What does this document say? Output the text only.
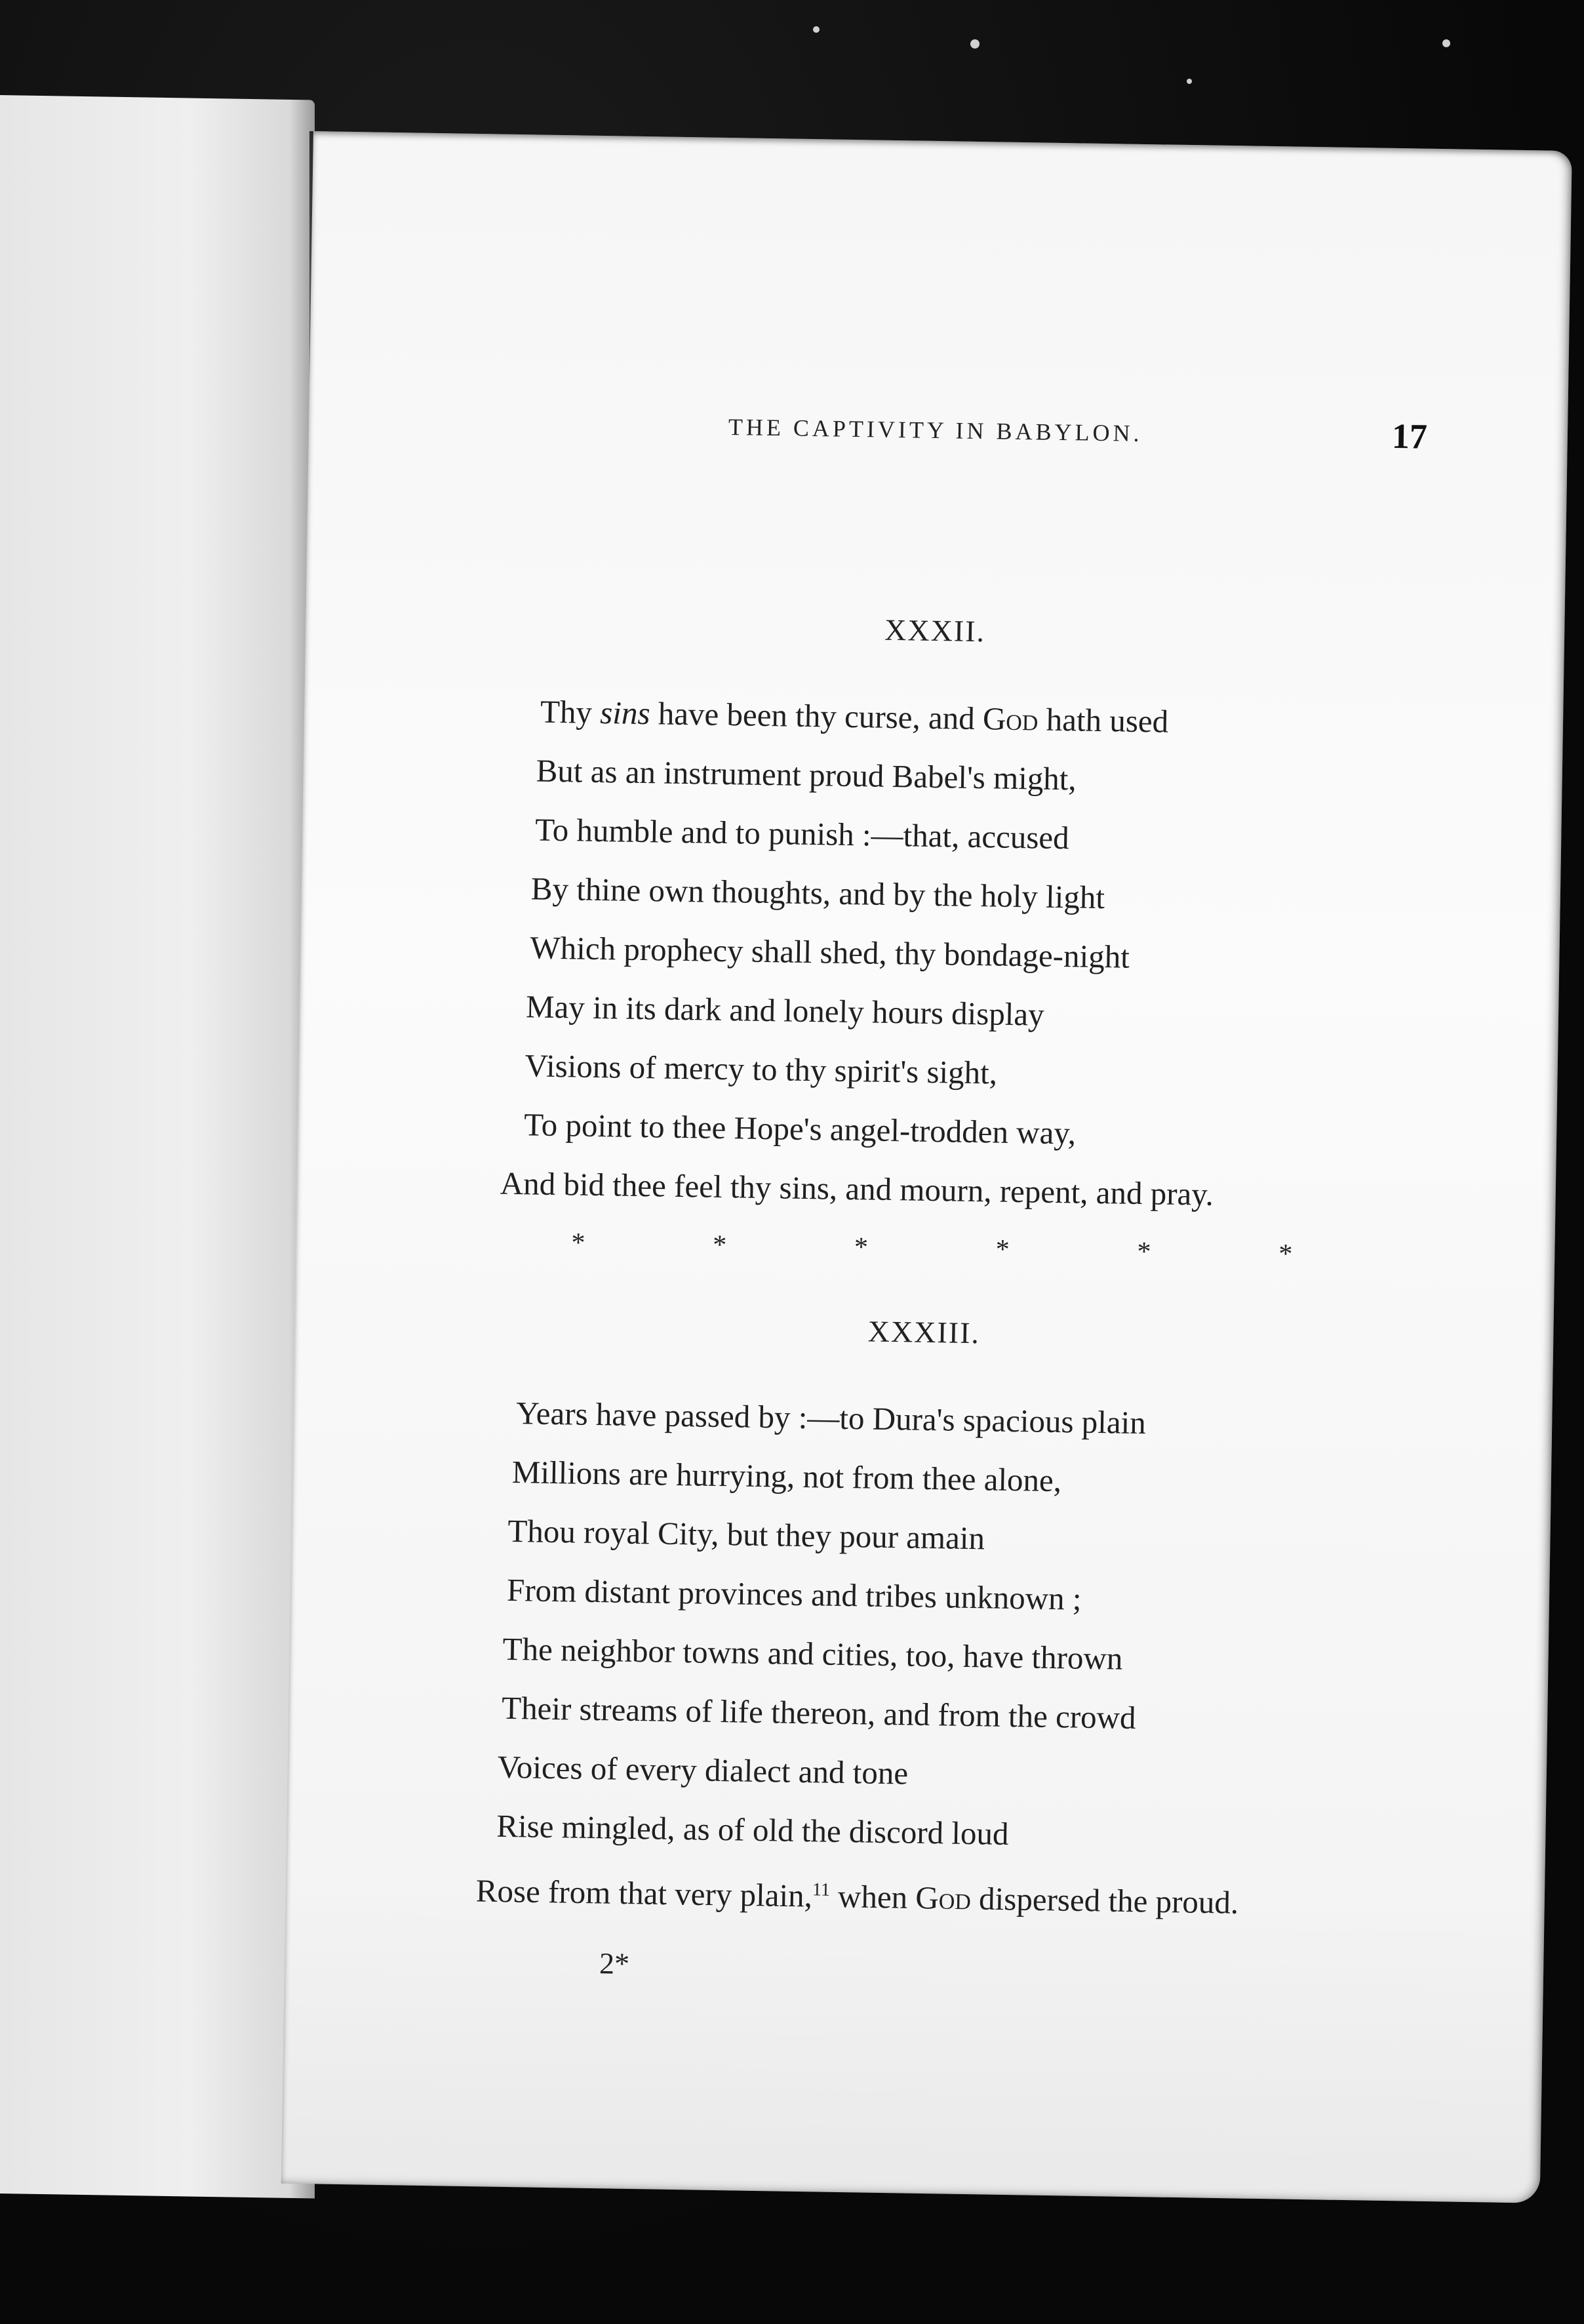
THE CAPTIVITY IN BABYLON.	17
XXXII.
Thy sins have been thy curse, and God hath used
But as an instrument proud Babel's might,
To humble and to punish :—that, accused
By thine own thoughts, and by the holy light
Which prophecy shall shed, thy bondage-night
May in its dark and lonely hours display
Visions of mercy to thy spirit's sight,
To point to thee Hope's angel-trodden way,
And bid thee feel thy sins, and mourn, repent, and pray.
*	*	*	*	*	*
XXXIII.
Years have passed by :—to Dura's spacious plain
Millions are hurrying, not from thee alone,
Thou royal City, but they pour amain
From distant provinces and tribes unknown ;
The neighbor towns and cities, too, have thrown
Their streams of life thereon, and from the crowd
Voices of every dialect and tone
Rise mingled, as of old the discord loud
Rose from that very plain,$^{11}$ when God dispersed the proud.
2*
